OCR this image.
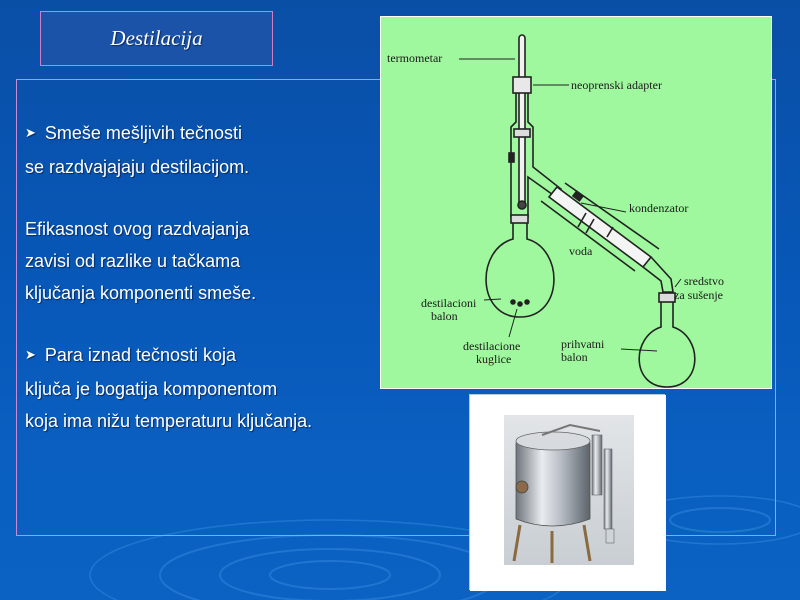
Destilacija
➤ Smeše mešljivih tečnosti
se razdvajajaju destilacijom.
Efikasnost ovog razdvajanja
zavisi od razlike u tačkama
ključanja komponenti smeše.
➤ Para iznad tečnosti koja
ključa je bogatija komponentom
koja ima nižu temperaturu ključanja.
termometar
neoprenski adapter
kondenzator
voda
sredstvo
za sušenje
destilacioni
balon
destilacione
kuglice
prihvatni
balon
